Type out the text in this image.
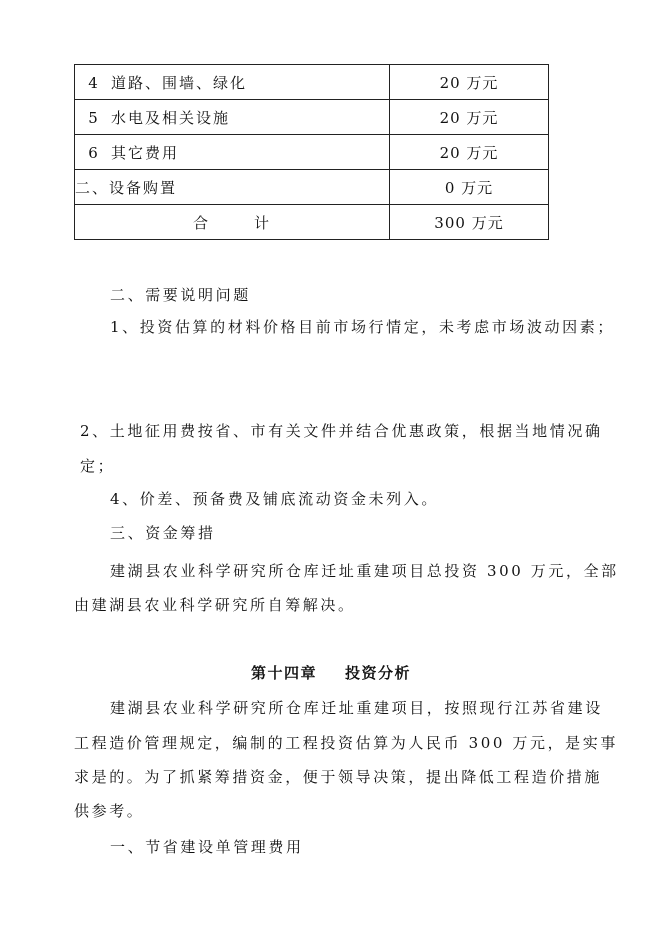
4 道路、围墙、绿化	20 万元
5 水电及相关设施	20 万元
6 其它费用	20 万元
二、设备购置	0 万元
合 计	300 万元
二、需要说明问题
1、投资估算的材料价格目前市场行情定，未考虑市场波动因素；
2、土地征用费按省、市有关文件并结合优惠政策，根据当地情况确
定；
4、价差、预备费及铺底流动资金未列入。
三、资金筹措
建湖县农业科学研究所仓库迁址重建项目总投资 300 万元，全部
由建湖县农业科学研究所自筹解决。
第十四章 投资分析
建湖县农业科学研究所仓库迁址重建项目，按照现行江苏省建设
工程造价管理规定，编制的工程投资估算为人民币 300 万元，是实事
求是的。为了抓紧筹措资金，便于领导决策，提出降低工程造价措施
供参考。
一、节省建设单管理费用
